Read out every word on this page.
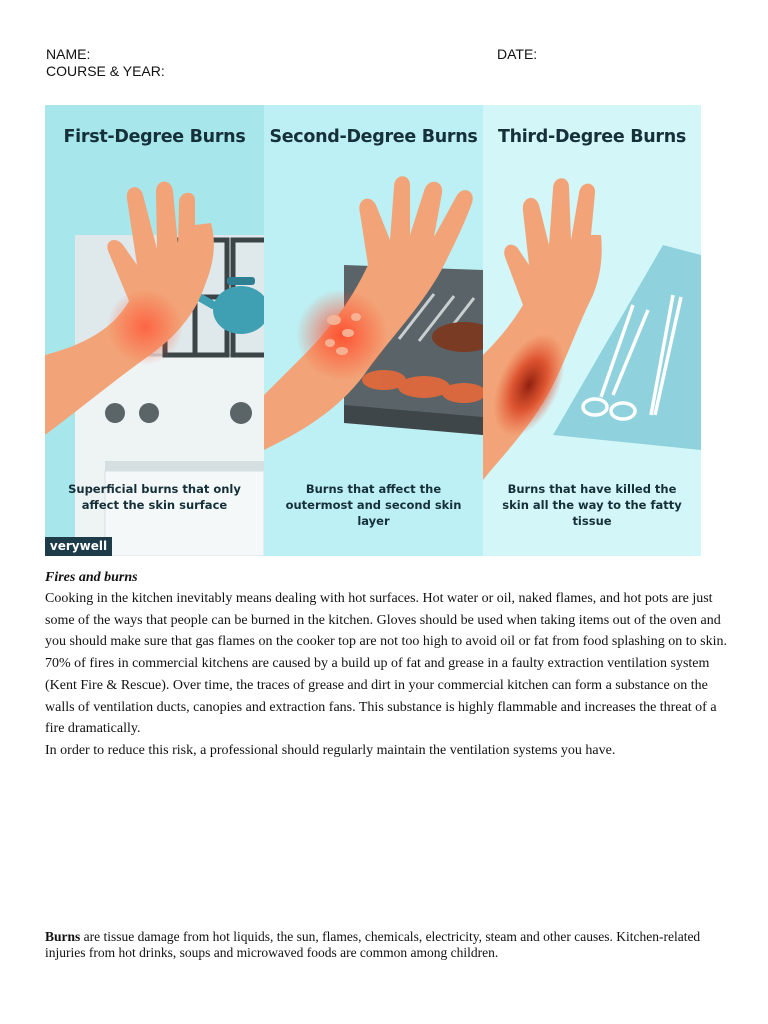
NAME:	DATE:
COURSE & YEAR:
First-Degree Burns
Superficial burns that only affect the skin surface
verywell
Second-Degree Burns
Burns that affect the outermost and second skin layer
Third-Degree Burns
Burns that have killed the skin all the way to the fatty tissue
Fires and burns

Cooking in the kitchen inevitably means dealing with hot surfaces. Hot water or oil, naked flames, and hot pots are just some of the ways that people can be burned in the kitchen. Gloves should be used when taking items out of the oven and you should make sure that gas flames on the cooker top are not too high to avoid oil or fat from food splashing on to skin.

70% of fires in commercial kitchens are caused by a build up of fat and grease in a faulty extraction ventilation system (Kent Fire & Rescue). Over time, the traces of grease and dirt in your commercial kitchen can form a substance on the walls of ventilation ducts, canopies and extraction fans. This substance is highly flammable and increases the threat of a fire dramatically.

In order to reduce this risk, a professional should regularly maintain the ventilation systems you have.

Burns are tissue damage from hot liquids, the sun, flames, chemicals, electricity, steam and other causes. Kitchen-related injuries from hot drinks, soups and microwaved foods are common among children.
